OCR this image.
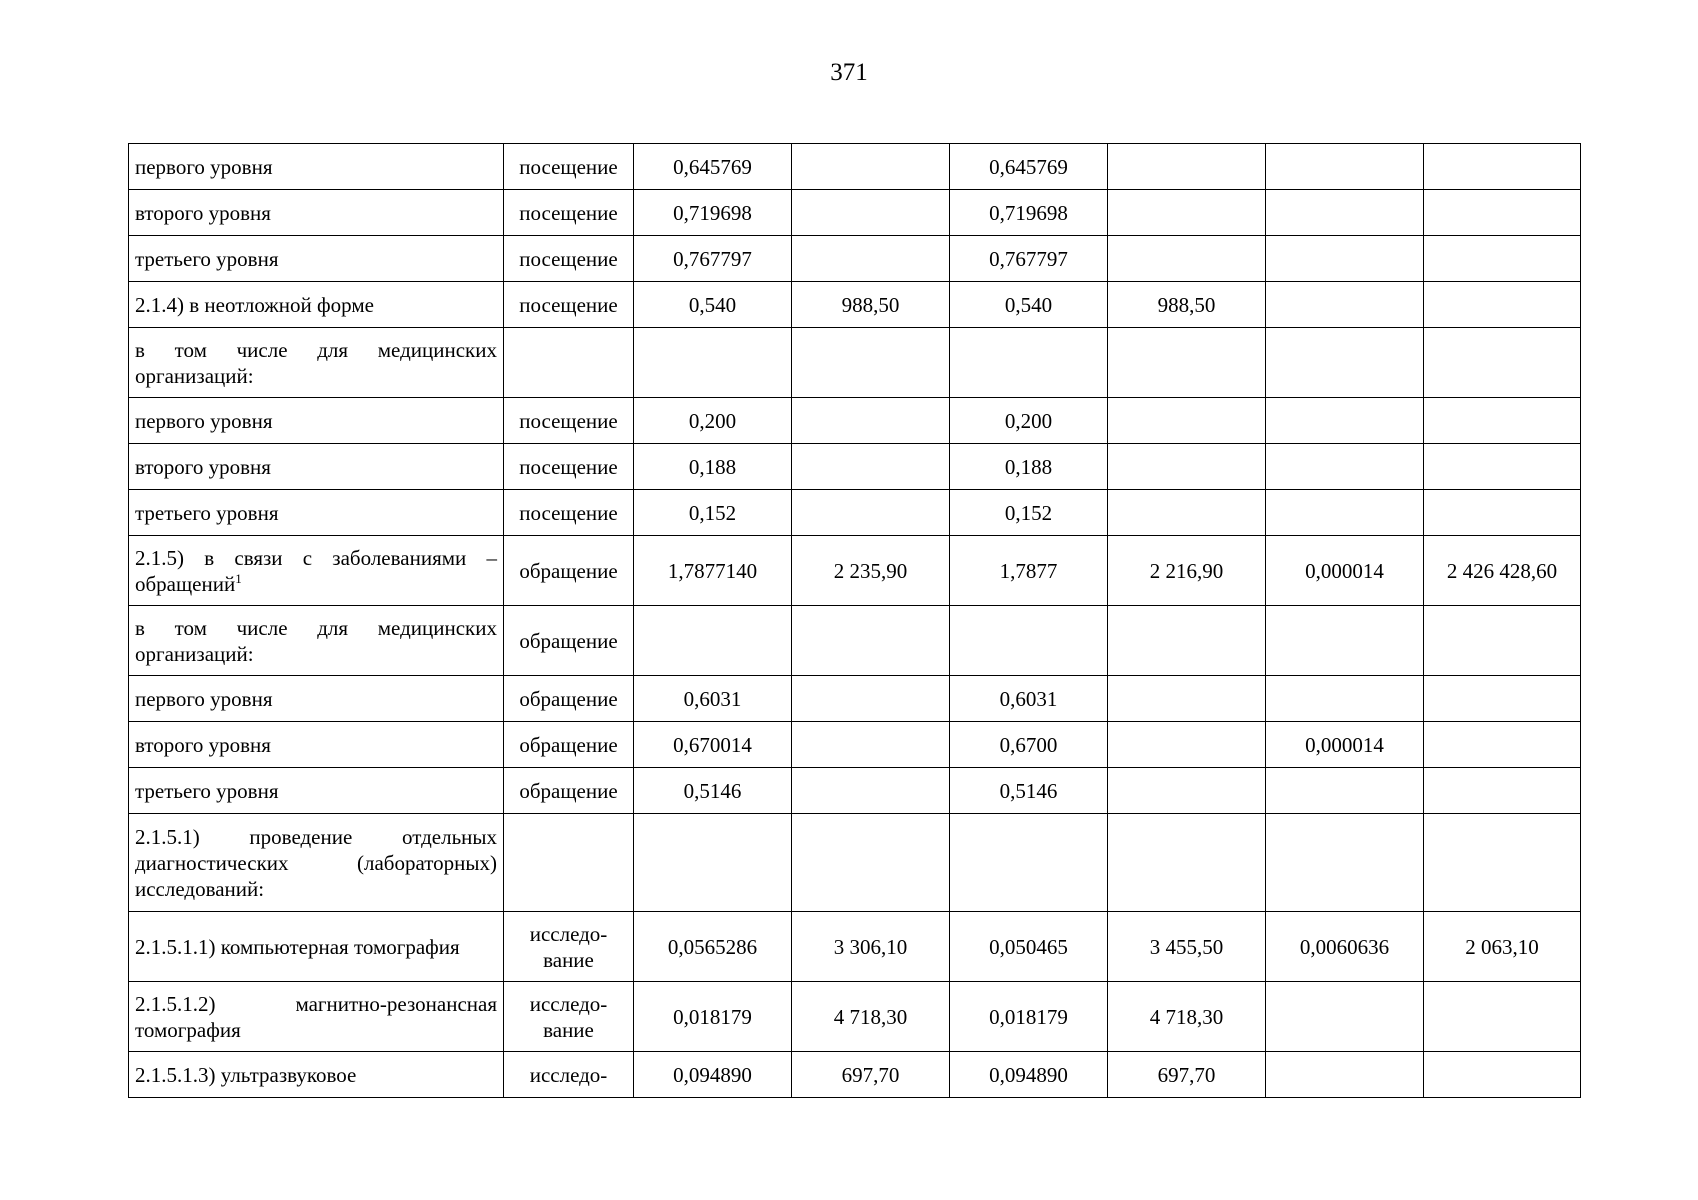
371
первого уровня	посещение	0,645769		0,645769			
второго уровня	посещение	0,719698		0,719698			
третьего уровня	посещение	0,767797		0,767797			
2.1.4) в неотложной форме	посещение	0,540	988,50	0,540	988,50		
в том числе для медицинских организаций:							
первого уровня	посещение	0,200		0,200			
второго уровня	посещение	0,188		0,188			
третьего уровня	посещение	0,152		0,152			
2.1.5) в связи с заболеваниями – обращений$^1$	обращение	1,7877140	2 235,90	1,7877	2 216,90	0,000014	2 426 428,60
в том числе для медицинских организаций:	обращение						
первого уровня	обращение	0,6031		0,6031			
второго уровня	обращение	0,670014		0,6700		0,000014	
третьего уровня	обращение	0,5146		0,5146			
2.1.5.1) проведение отдельных диагностических (лабораторных) исследований:							
2.1.5.1.1) компьютерная томография	исследо-вание	0,0565286	3 306,10	0,050465	3 455,50	0,0060636	2 063,10
2.1.5.1.2) магнитно-резонансная томография	исследо-вание	0,018179	4 718,30	0,018179	4 718,30		
2.1.5.1.3) ультразвуковое	исследо-	0,094890	697,70	0,094890	697,70		
